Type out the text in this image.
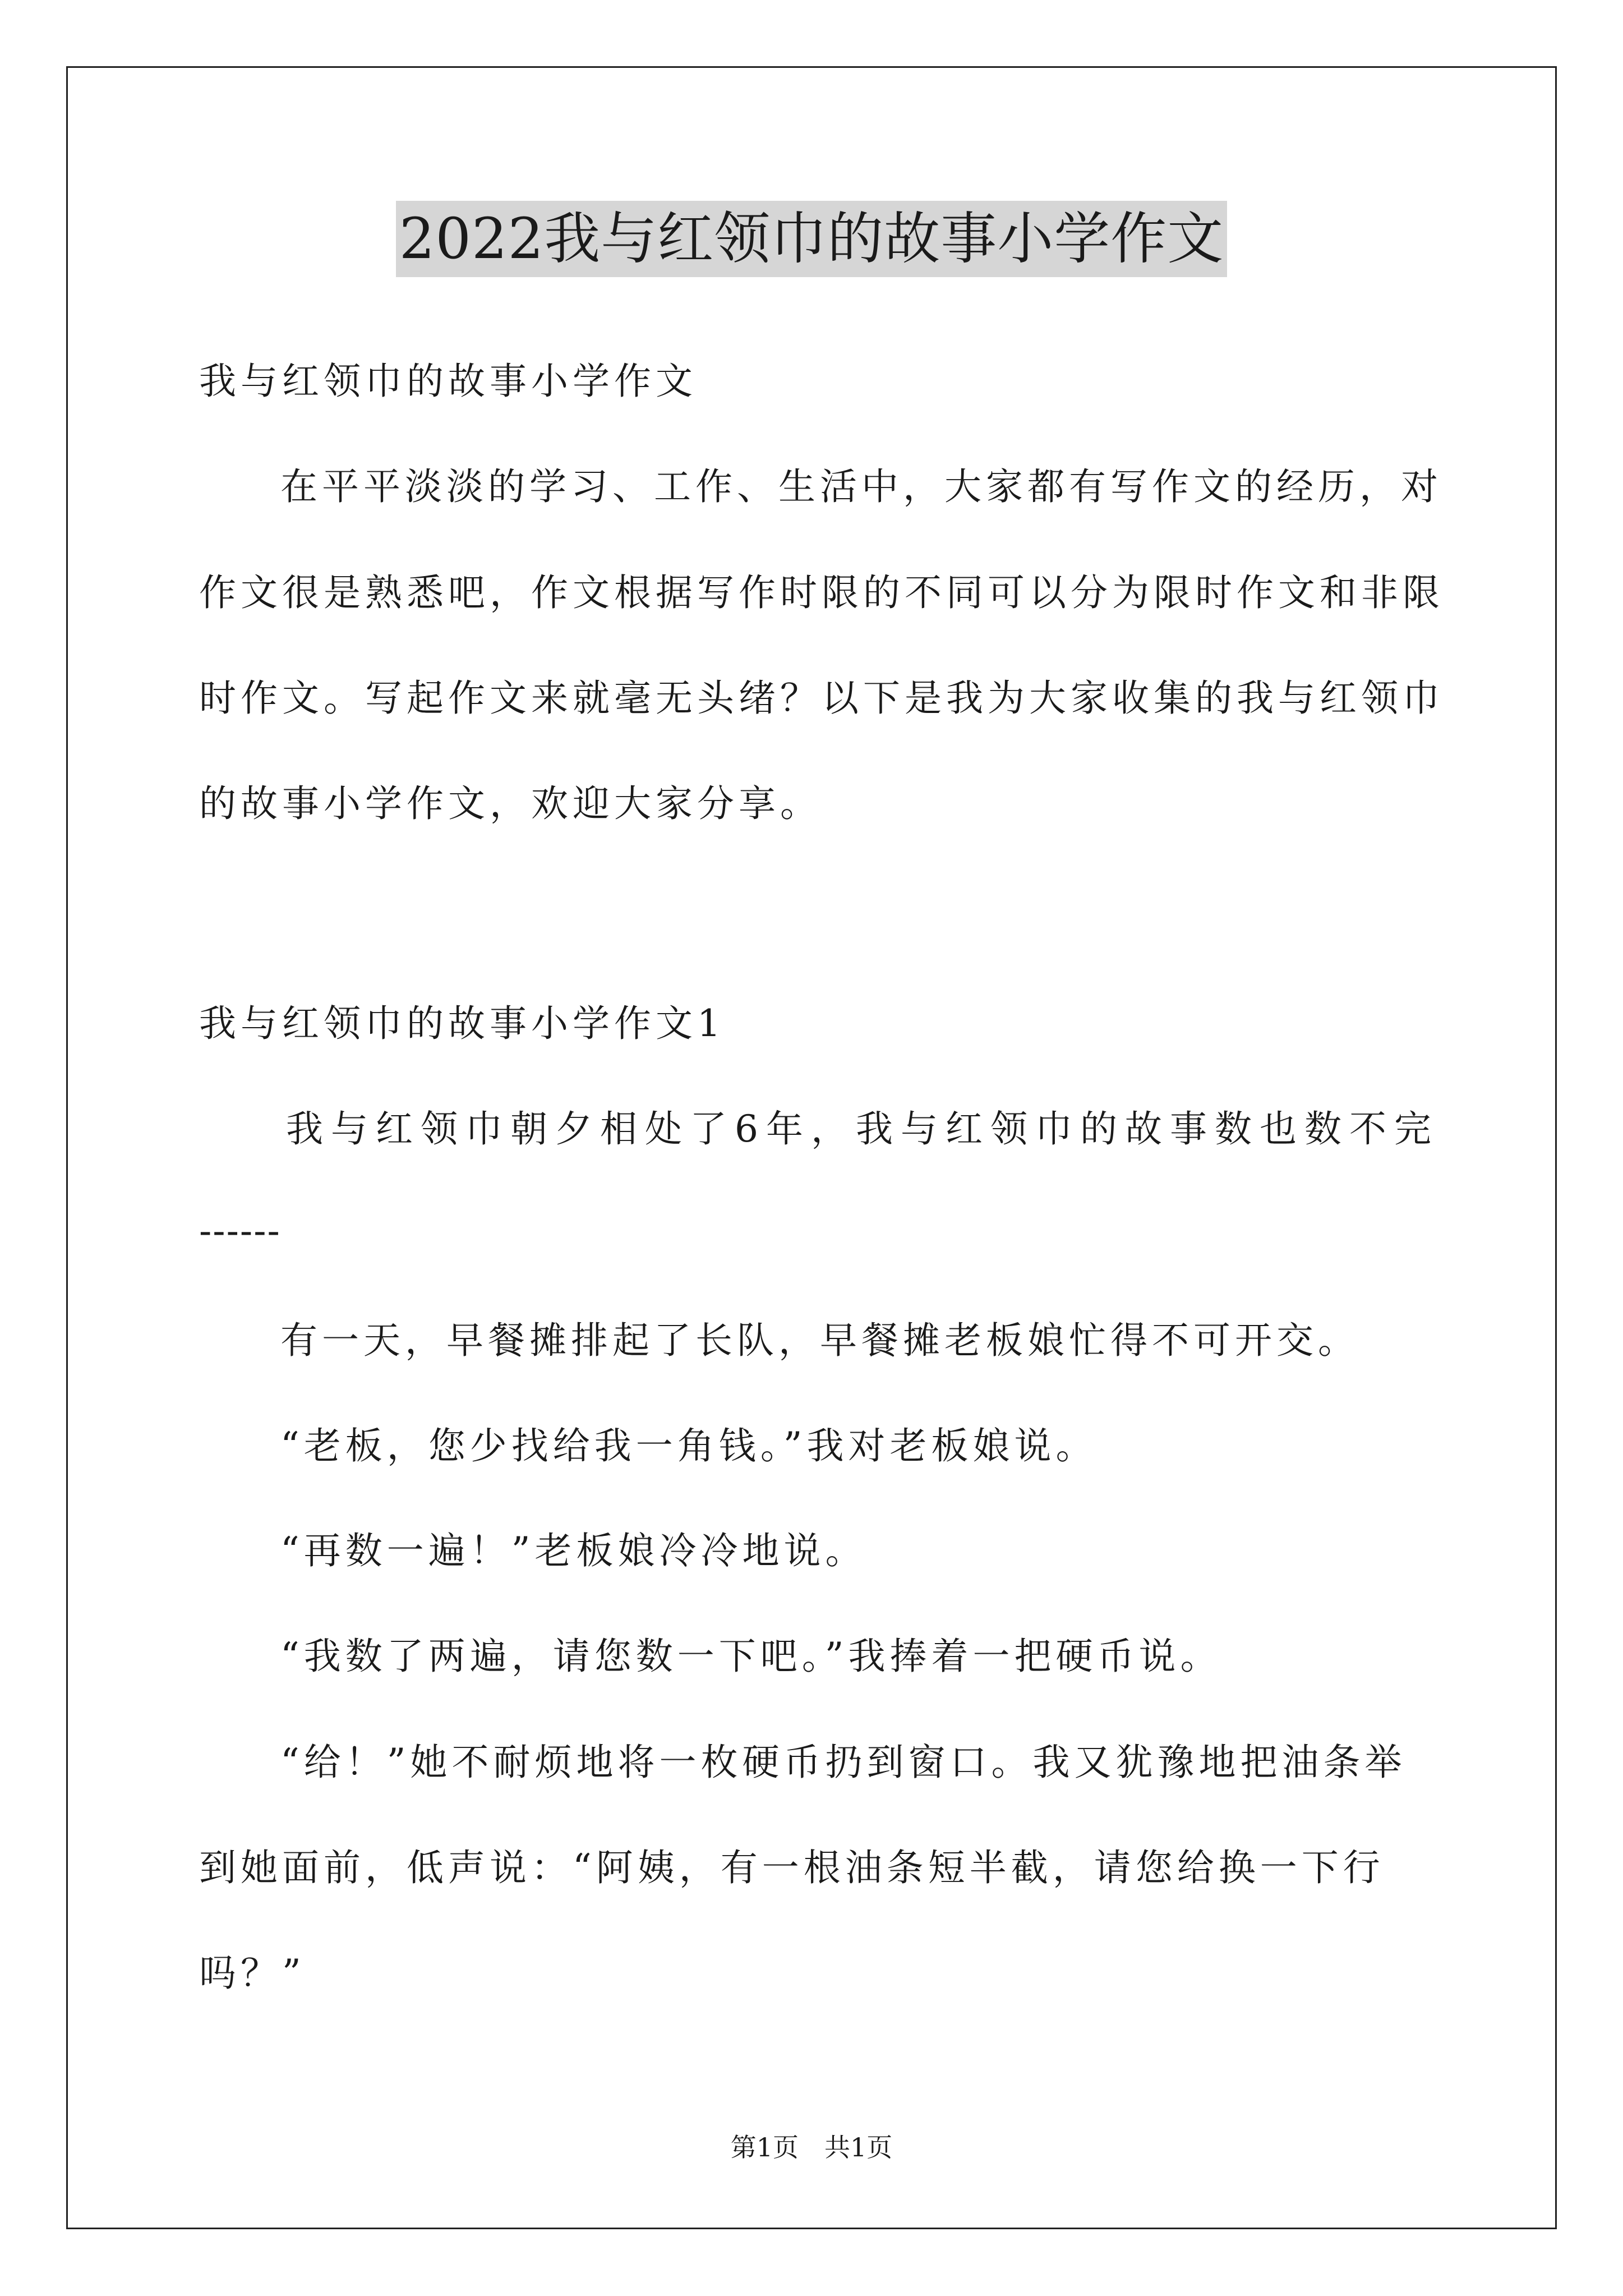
2022我与红领巾的故事小学作文
我与红领巾的故事小学作文
在平平淡淡的学习、工作、生活中，大家都有写作文的经历，对
作文很是熟悉吧，作文根据写作时限的不同可以分为限时作文和非限
时作文。写起作文来就毫无头绪？以下是我为大家收集的我与红领巾
的故事小学作文，欢迎大家分享。
我与红领巾的故事小学作文1
我与红领巾朝夕相处了6年，我与红领巾的故事数也数不完
------
有一天，早餐摊排起了长队，早餐摊老板娘忙得不可开交。
“老板，您少找给我一角钱。”我对老板娘说。
“再数一遍！”老板娘冷冷地说。
“我数了两遍，请您数一下吧。”我捧着一把硬币说。
“给！”她不耐烦地将一枚硬币扔到窗口。我又犹豫地把油条举
到她面前，低声说：“阿姨，有一根油条短半截，请您给换一下行
吗？”
第1页　共1页
